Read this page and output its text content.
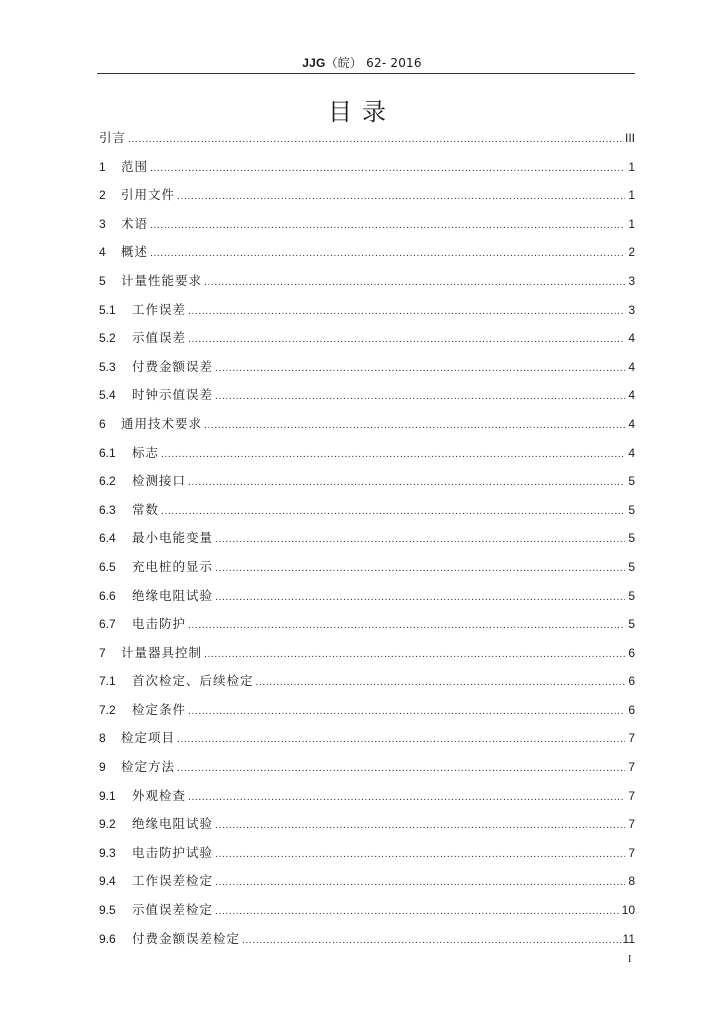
JJG（皖） 62- 2016
目录
引言 .....	III
1	范围 .....	1
2	引用文件 .....	1
3	术语 .....	1
4	概述 .....	2
5	计量性能要求 .....	3
5.1	工作误差 .....	3
5.2	示值误差 .....	4
5.3	付费金额误差 .....	4
5.4	时钟示值误差 .....	4
6	通用技术要求 .....	4
6.1	标志 .....	4
6.2	检测接口 .....	5
6.3	常数 .....	5
6.4	最小电能变量 .....	5
6.5	充电桩的显示 .....	5
6.6	绝缘电阻试验 .....	5
6.7	电击防护 .....	5
7	计量器具控制 .....	6
7.1	首次检定、后续检定 .....	6
7.2	检定条件 .....	6
8	检定项目 .....	7
9	检定方法 .....	7
9.1	外观检查 .....	7
9.2	绝缘电阻试验 .....	7
9.3	电击防护试验 .....	7
9.4	工作误差检定 .....	8
9.5	示值误差检定 .....	10
9.6	付费金额误差检定 .....	11
I
